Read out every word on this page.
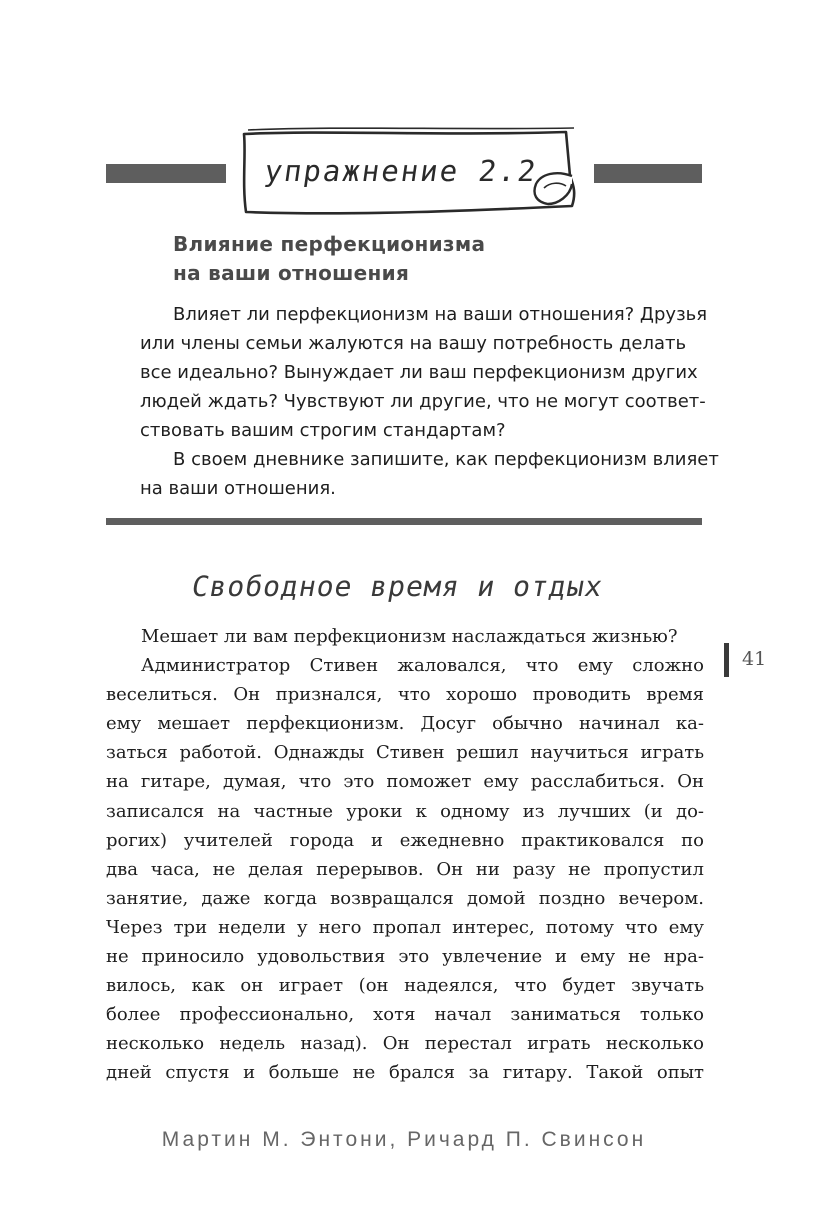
упражнение 2.2
Влияние перфекционизма
на ваши отношения
Влияет ли перфекционизм на ваши отношения? Друзья
или члены семьи жалуются на вашу потребность делать
все идеально? Вынуждает ли ваш перфекционизм других
людей ждать? Чувствуют ли другие, что не могут соответ-
ствовать вашим строгим стандартам?
В своем дневнике запишите, как перфекционизм влияет
на ваши отношения.
Свободное время и отдых
Мешает ли вам перфекционизм наслаждаться жизнью?
Администратор Стивен жаловался, что ему сложно
веселиться. Он признался, что хорошо проводить время
ему мешает перфекционизм. Досуг обычно начинал ка-
заться работой. Однажды Стивен решил научиться играть
на гитаре, думая, что это поможет ему расслабиться. Он
записался на частные уроки к одному из лучших (и до-
рогих) учителей города и ежедневно практиковался по
два часа, не делая перерывов. Он ни разу не пропустил
занятие, даже когда возвращался домой поздно вечером.
Через три недели у него пропал интерес, потому что ему
не приносило удовольствия это увлечение и ему не нра-
вилось, как он играет (он надеялся, что будет звучать
более профессионально, хотя начал заниматься только
несколько недель назад). Он перестал играть несколько
дней спустя и больше не брался за гитару. Такой опыт
41
Мартин М. Энтони, Ричард П. Свинсон
